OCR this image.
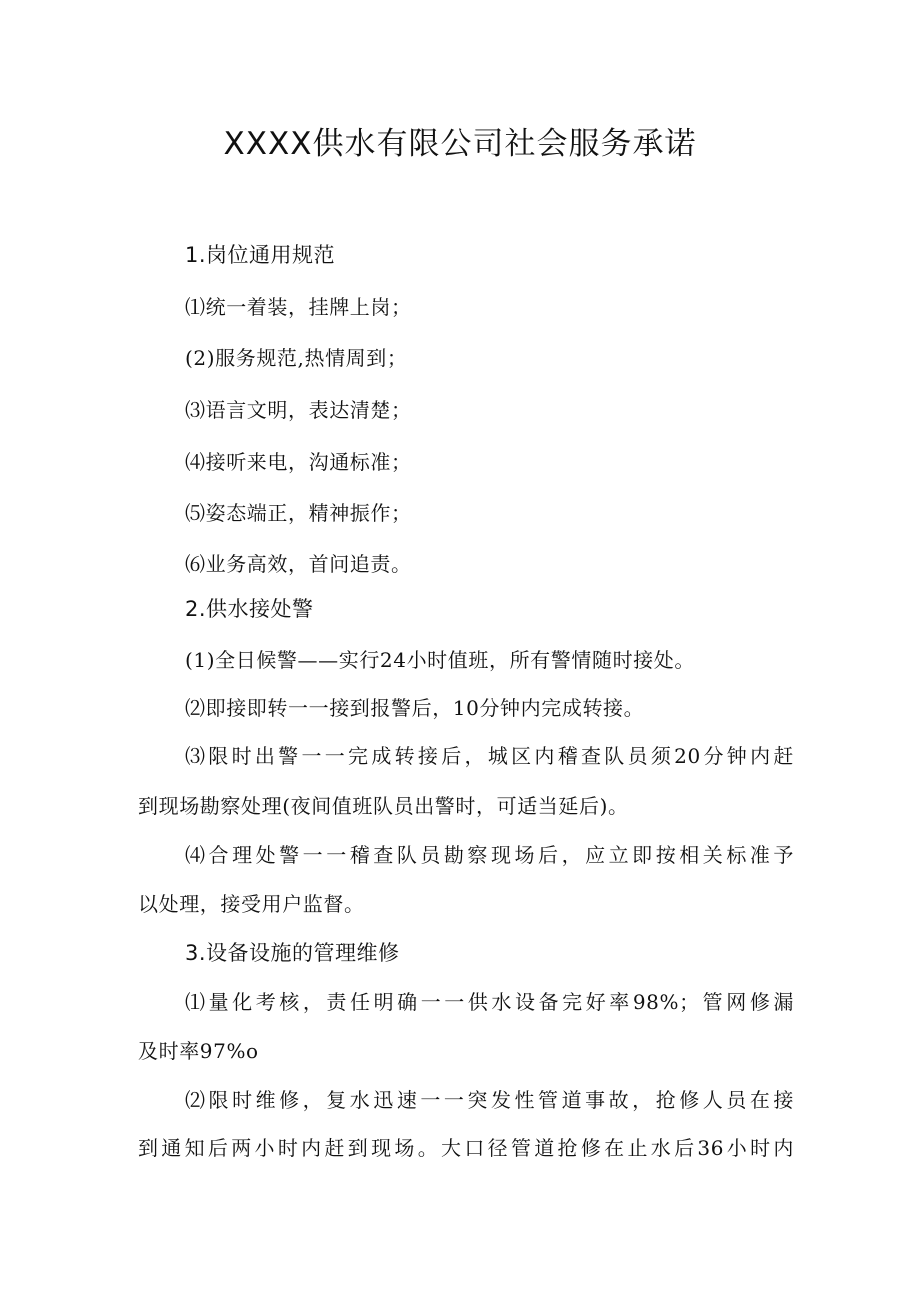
XXXX供水有限公司社会服务承诺
1.岗位通用规范
⑴统一着装，挂牌上岗；
(2)服务规范,热情周到；
⑶语言文明，表达清楚；
⑷接听来电，沟通标准；
⑸姿态端正，精神振作；
⑹业务高效，首问追责。
2.供水接处警
(1)全日候警——实行24小时值班，所有警情随时接处。
⑵即接即转一一接到报警后，10分钟内完成转接。
⑶限时出警一一完成转接后，城区内稽查队员须20分钟内赶
到现场勘察处理(夜间值班队员出警时，可适当延后)。
⑷合理处警一一稽查队员勘察现场后，应立即按相关标准予
以处理，接受用户监督。
3.设备设施的管理维修
⑴量化考核，责任明确一一供水设备完好率98%；管网修漏
及时率97%o
⑵限时维修，复水迅速一一突发性管道事故，抢修人员在接
到通知后两小时内赶到现场。大口径管道抢修在止水后36小时内
